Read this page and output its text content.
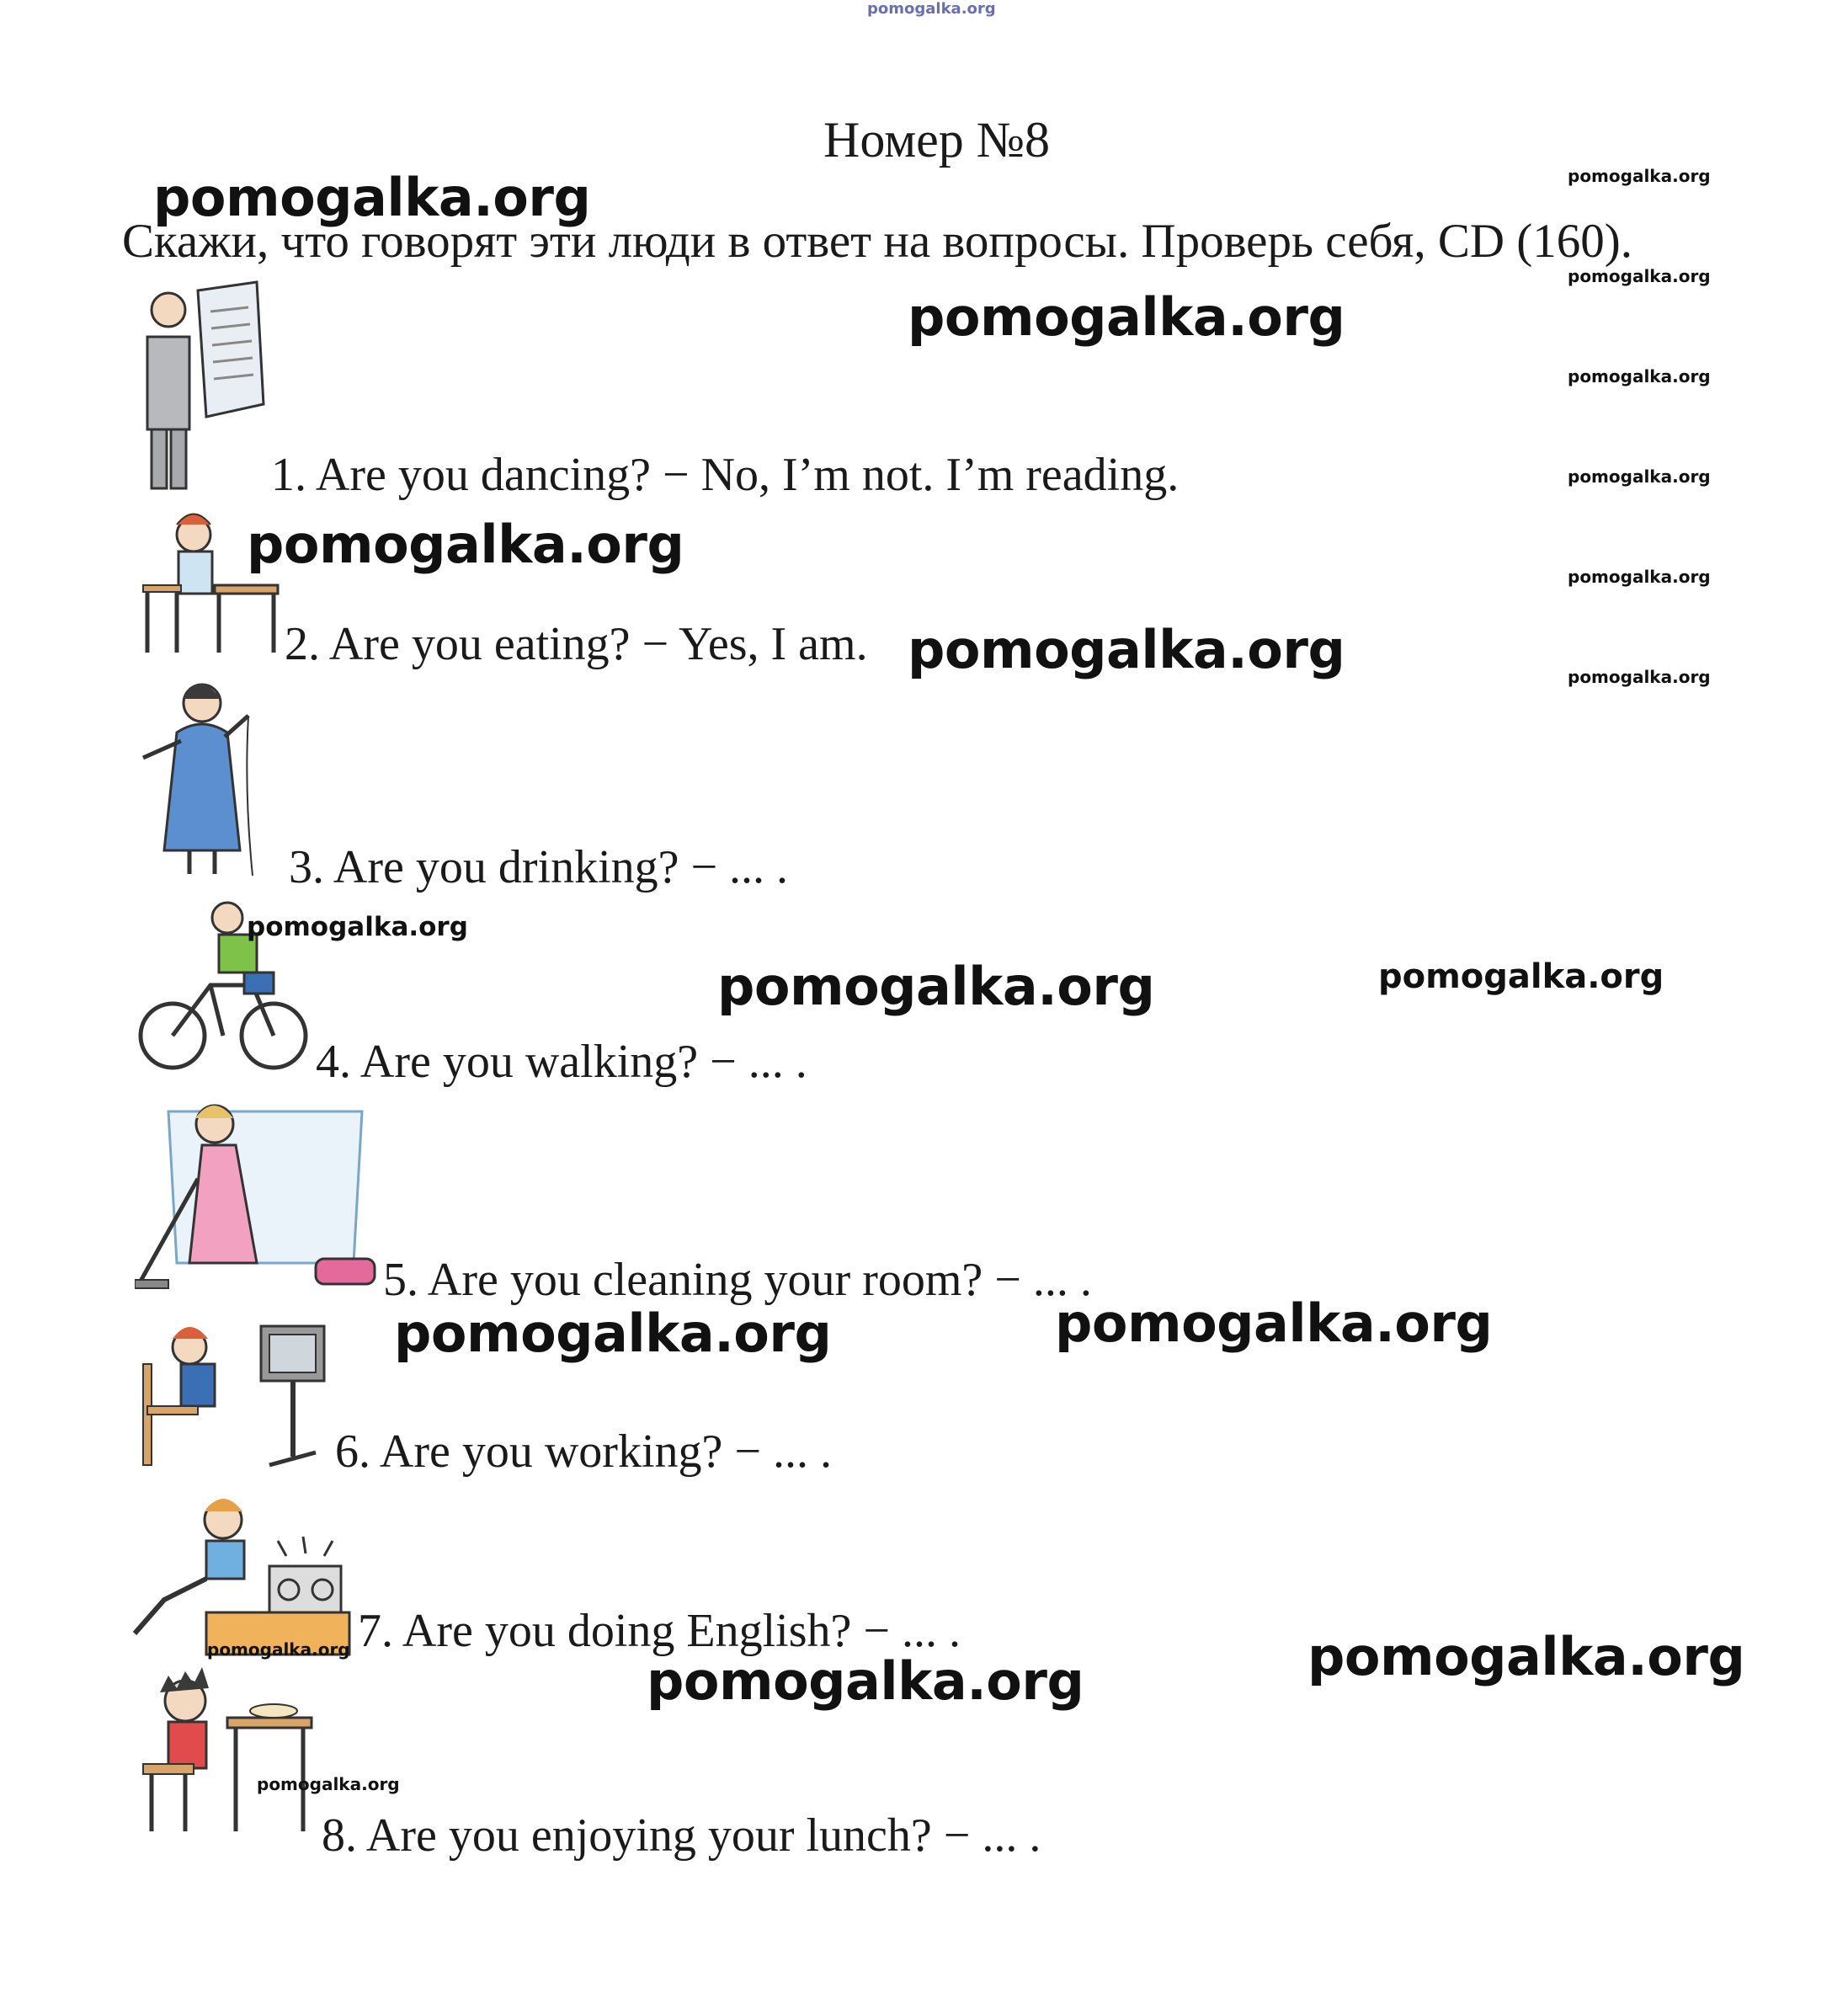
pomogalka.org
Номер №8
Скажи, что говорят эти люди в ответ на вопросы. Проверь себя, CD (160).
1. Are you dancing? − No, I’m not. I’m reading.
2. Are you eating? − Yes, I am.
3. Are you drinking? − ... .
4. Are you walking? − ... .
5. Are you cleaning your room? − ... .
6. Are you working? − ... .
7. Are you doing English? − ... .
8. Are you enjoying your lunch? − ... .
pomogalka.org	pomogalka.org
pomogalka.org
pomogalka.org
pomogalka.org
pomogalka.org
pomogalka.org
pomogalka.org
pomogalka.org	pomogalka.org
pomogalka.org
pomogalka.org	pomogalka.org
pomogalka.org
pomogalka.org
pomogalka.org	pomogalka.org
pomogalka.org
pomogalka.org
